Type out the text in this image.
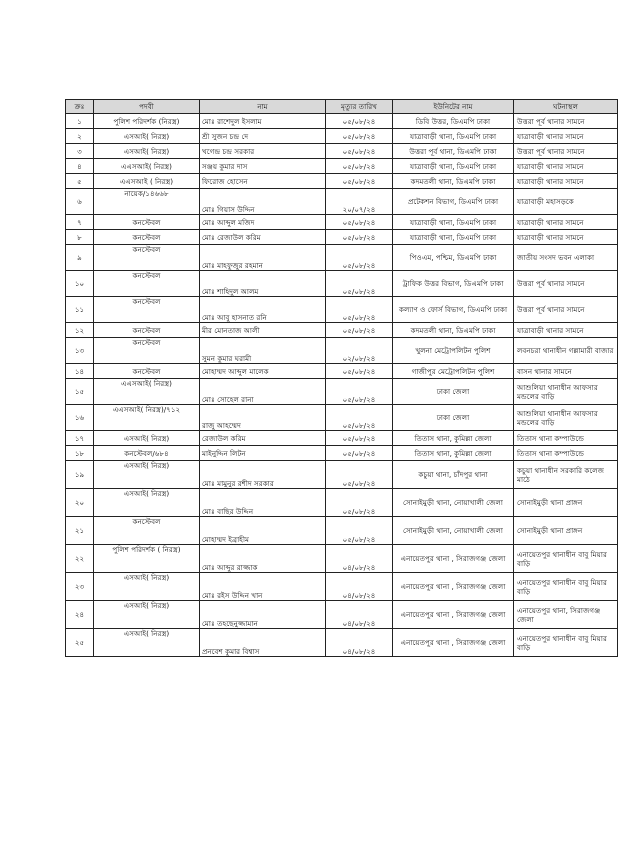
ক্রঃ	পদবী	নাম	মৃত্যুর তারিখ	ইউনিটের নাম	ঘটনাস্থল
১	পুলিশ পরিদর্শক (নিরস্ত্র)	মোঃ রাশেদুল ইসলাম	০৫/০৮/২৪	ডিবি উত্তর, ডিএমপি ঢাকা	উত্তরা পূর্ব থানার সামনে
২	এসআই( নিরস্ত্র)	শ্রী সুজন চন্দ্র দে	০৫/০৮/২৪	যাত্রাবাড়ী থানা, ডিএমপি ঢাকা	যাত্রাবাড়ী থানার সামনে
৩	এসআই( নিরস্ত্র)	খগেন্দ্র চন্দ্র সরকার	০৫/০৮/২৪	উত্তরা পূর্ব থানা, ডিএমপি ঢাকা	উত্তরা পূর্ব থানার সামনে
৪	এএসআই( নিরস্ত্র)	সঞ্জয় কুমার দাস	০৫/০৮/২৪	যাত্রাবাড়ী থানা, ডিএমপি ঢাকা	যাত্রাবাড়ী থানার সামনে
৫	এএসআই ( নিরস্ত্র)	ফিরোজ হোসেন	০৫/০৮/২৪	কদমতলী থানা, ডিএমপি ঢাকা	যাত্রাবাড়ী থানার সামনে
৬	নায়েক/১৪৬৬৮	মোঃ গিয়াস উদ্দিন	২০/০৭/২৪	প্রটেকশন বিভাগ, ডিএমপি ঢাকা	যাত্রাবাড়ী মহাসড়কে
৭	কনস্টেবল	মোঃ আব্দুল মজিদ	০৫/০৮/২৪	যাত্রাবাড়ী থানা, ডিএমপি ঢাকা	যাত্রাবাড়ী থানার সামনে
৮	কনস্টেবল	মোঃ রেজাউল করিম	০৫/০৮/২৪	যাত্রাবাড়ী থানা, ডিএমপি ঢাকা	যাত্রাবাড়ী থানার সামনে
৯	কনস্টেবল	মোঃ মাহফুজুর রহমান	০৫/০৮/২৪	পিওএম, পশ্চিম, ডিএমপি ঢাকা	জাতীয় সংসদ ভবন এলাকা
১০	কনস্টেবল	মোঃ শাহিদুল আলম	০৫/০৮/২৪	ট্রাফিক উত্তর বিভাগ, ডিএমপি ঢাকা	উত্তরা পূর্ব থানার সামনে
১১	কনস্টেবল	মোঃ আবু হাসনাত রনি	০৫/০৮/২৪	কল্যাণ ও ফোর্স বিভাগ, ডিএমপি ঢাকা	উত্তরা পূর্ব থানার সামনে
১২	কনস্টেবল	মীর মোনতাজ আলী	০৫/০৮/২৪	কদমতলী থানা, ডিএমপি ঢাকা	যাত্রাবাড়ী থানার সামনে
১৩	কনস্টেবল	সুমন কুমার ঘরামী	০২/০৮/২৪	খুলনা মেট্রোপলিটন পুলিশ	লবনচরা থানাধীন গল্লামারী বাজার
১৪	কনস্টেবল	মোহাম্মদ আব্দুল মালেক	০৫/০৮/২৪	গাজীপুর মেট্রোপলিটন পুলিশ	বাসন থানার সামনে
১৫	এএসআই( নিরস্ত্র)	মোঃ সোহেল রানা	০৫/০৮/২৪	ঢাকা জেলা	আশুলিয়া থানাধীন আফসার মন্ডলের বাড়ি
১৬	এএসআই( নিরস্ত্র)/৭১২	রাজু আহম্মেদ	০৫/০৮/২৪	ঢাকা জেলা	আশুলিয়া থানাধীন আফসার মন্ডলের বাড়ি
১৭	এসআই( নিরস্ত্র)	রেজাউল করিম	০৫/০৮/২৪	তিতাস থানা, কুমিল্লা জেলা	তিতাস থানা কম্পাউন্ডে
১৮	কনস্টেবল/৬৮৪	মাইনুদ্দিন লিটন	০৫/০৮/২৪	তিতাস থানা, কুমিল্লা জেলা	তিতাস থানা কম্পাউন্ডে
১৯	এসআই( নিরস্ত্র)	মোঃ মামুনুর রশীদ সরকার	০৫/০৮/২৪	কচুয়া থানা, চাঁদপুর থানা	কচুয়া থানাধীন সরকারি কলেজ মাঠে
২০	এসআই( নিরস্ত্র)	মোঃ বাছির উদ্দিন	০৫/০৮/২৪	সোনাইমুড়ী থানা, নোয়াখালী জেলা	সোনাইমুড়ী থানা প্রাঙ্গন
২১	কনস্টেবল	মোহাম্মদ ইব্রাহীম	০৫/০৮/২৪	সোনাইমুড়ী থানা, নোয়াখালী জেলা	সোনাইমুড়ী থানা প্রাঙ্গন
২২	পুলিশ পরিদর্শক ( নিরস্ত্র)	মোঃ আব্দুর রাজ্জাক	০৪/০৮/২৪	এনায়েতপুর থানা , সিরাজগঞ্জ জেলা	এনায়েতপুর থানাধীন বাবু মিয়ার বাড়ি
২৩	এসআই( নিরস্ত্র)	মোঃ রইস উদ্দিন খান	০৪/০৮/২৪	এনায়েতপুর থানা , সিরাজগঞ্জ জেলা	এনায়েতপুর থানাধীন বাবু মিয়ার বাড়ি
২৪	এসআই( নিরস্ত্র)	মোঃ তহছেনুজ্জামান	০৪/০৮/২৪	এনায়েতপুর থানা , সিরাজগঞ্জ জেলা	এনায়েতপুর থানা, সিরাজগঞ্জ জেলা
২৫	এসআই( নিরস্ত্র)	প্রনবেশ কুমার বিশ্বাস	০৪/০৮/২৪	এনায়েতপুর থানা , সিরাজগঞ্জ জেলা	এনায়েতপুর থানাধীন বাবু মিয়ার বাড়ি
